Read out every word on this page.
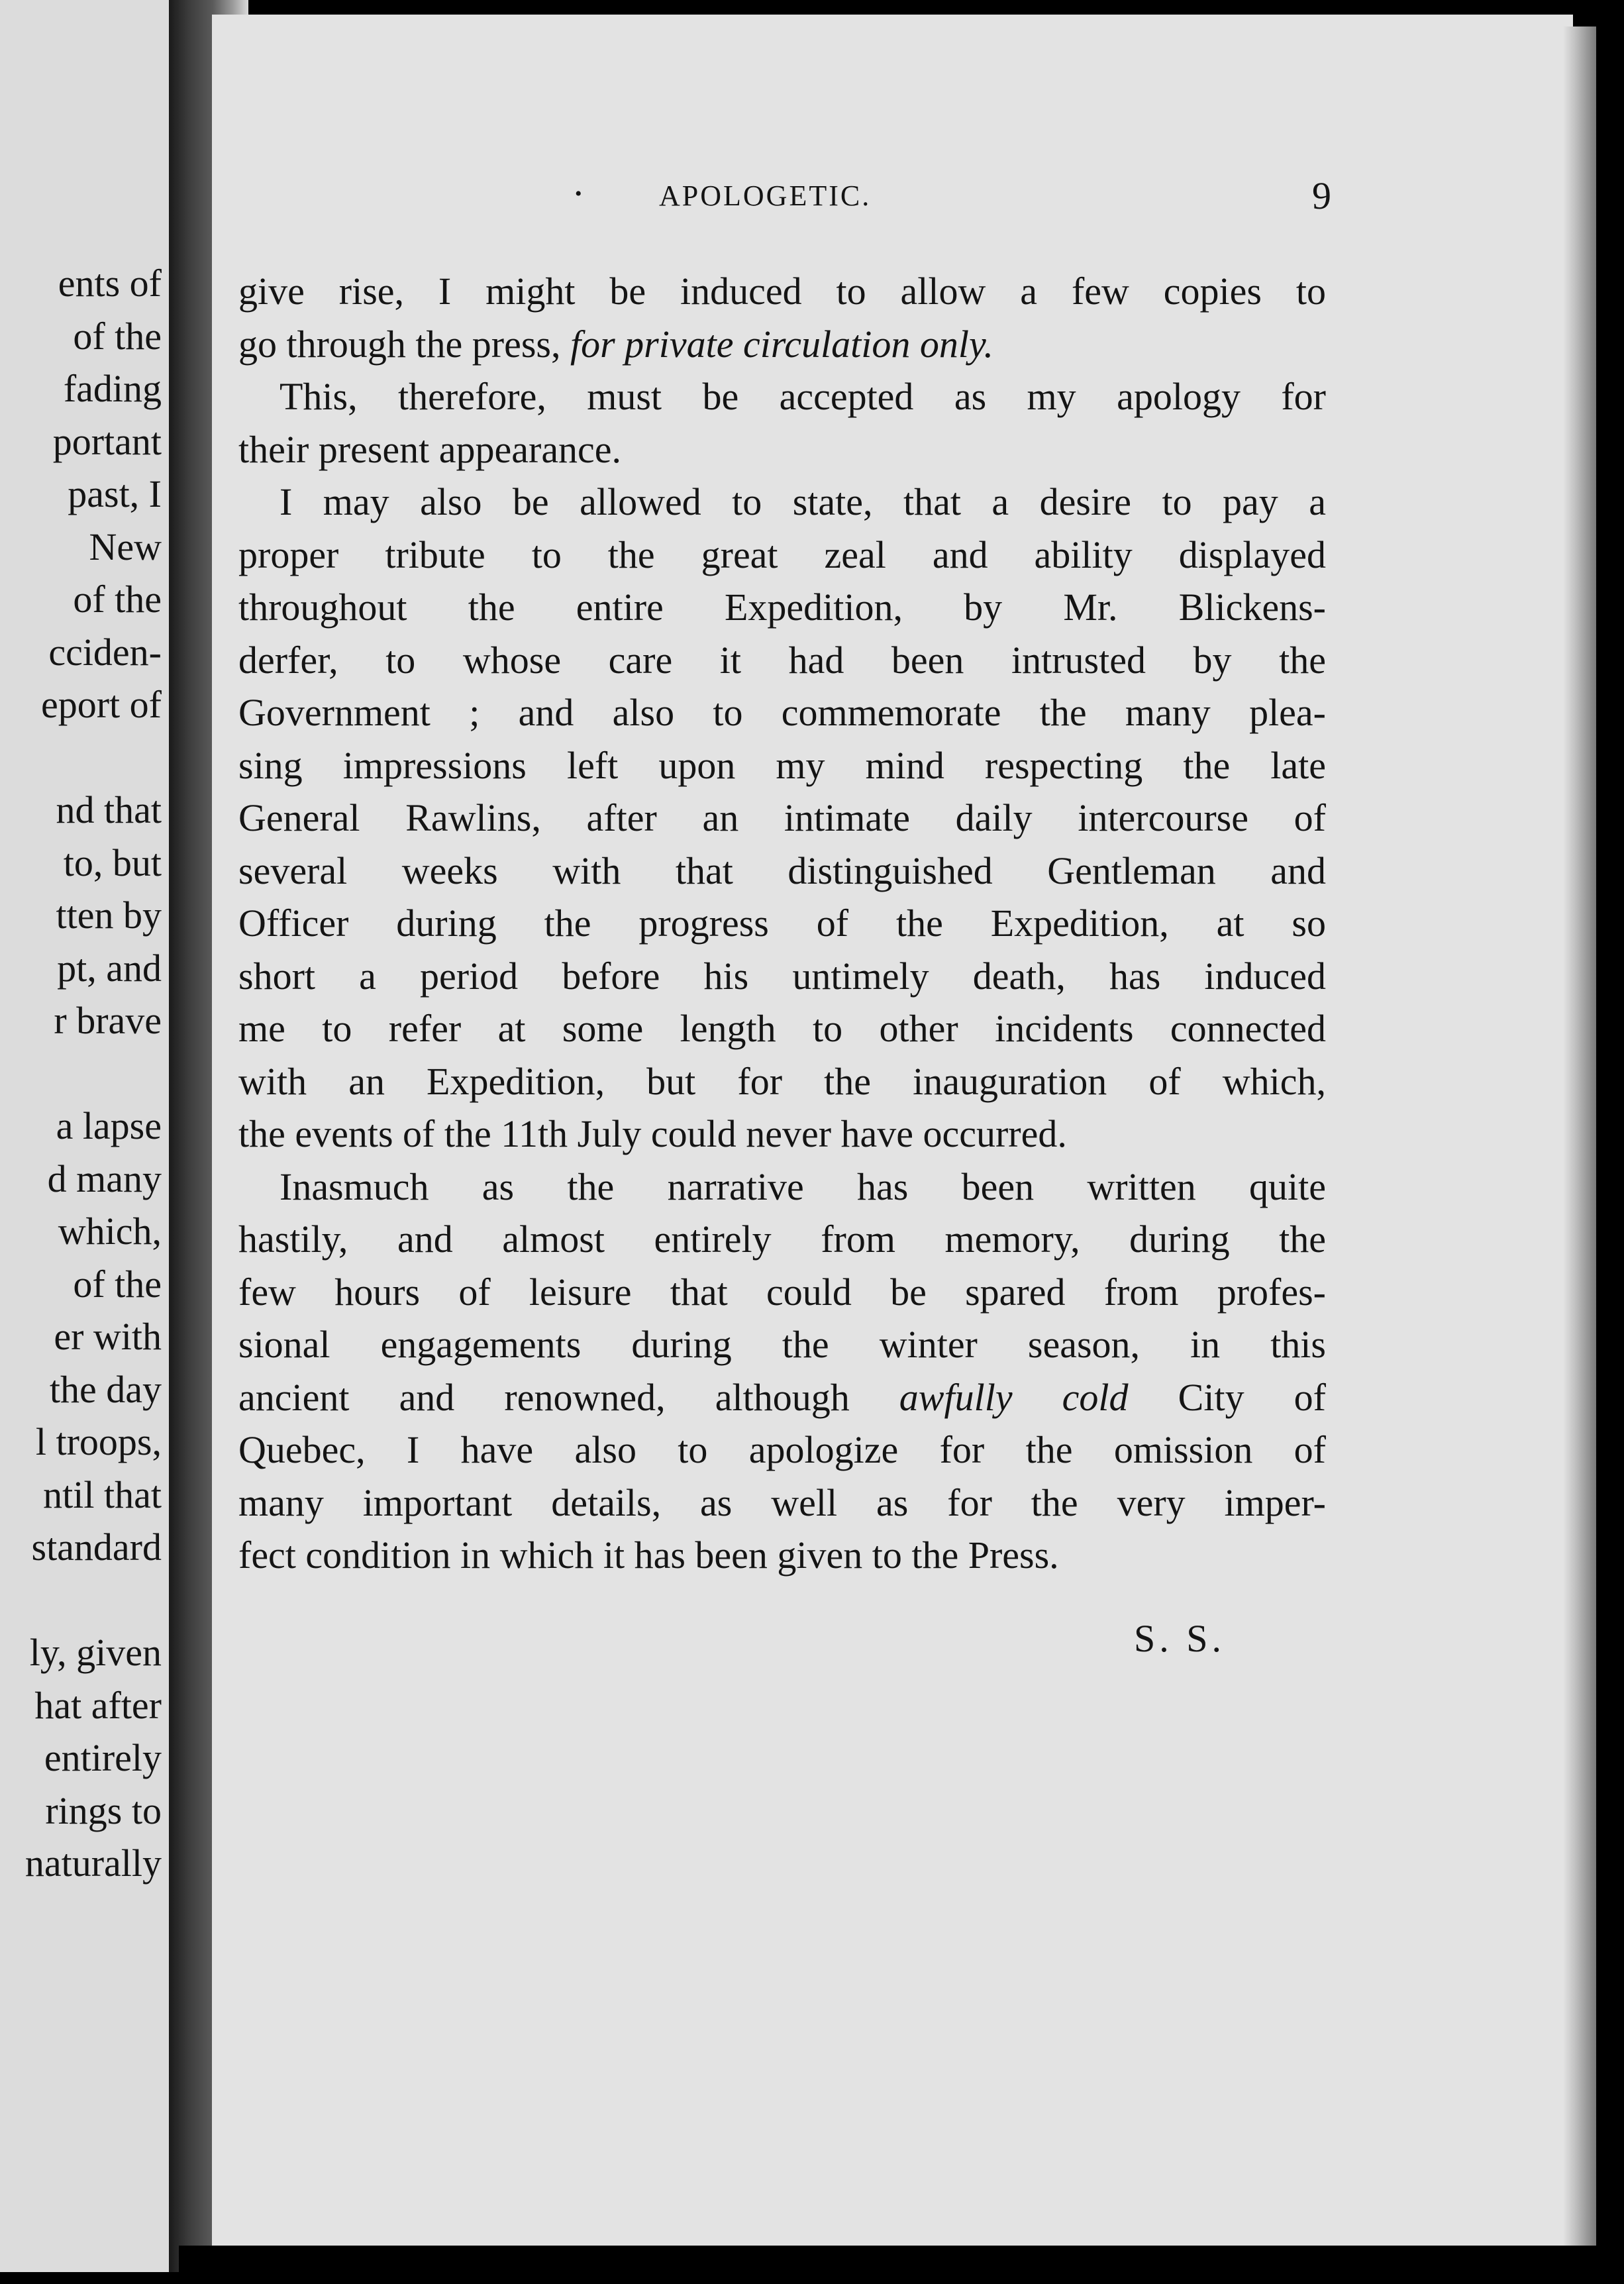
ents of
of the
fading
portant
past, I
New
of the
cciden-
eport of
nd that
to, but
tten by
pt, and
r brave
a lapse
d many
which,
of the
er with
the day
l troops,
ntil that
standard
ly, given
hat after
entirely
rings to
naturally
•	APOLOGETIC.	9
give rise, I might be induced to allow a few copies to
go through the press, for private circulation only.
This, therefore, must be accepted as my apology for
their present appearance.
I may also be allowed to state, that a desire to pay a
proper tribute to the great zeal and ability displayed
throughout the entire Expedition, by Mr. Blickens-
derfer, to whose care it had been intrusted by the
Government ; and also to commemorate the many plea-
sing impressions left upon my mind respecting the late
General Rawlins, after an intimate daily intercourse of
several weeks with that distinguished Gentleman and
Officer during the progress of the Expedition, at so
short a period before his untimely death, has induced
me to refer at some length to other incidents connected
with an Expedition, but for the inauguration of which,
the events of the 11th July could never have occurred.
Inasmuch as the narrative has been written quite
hastily, and almost entirely from memory, during the
few hours of leisure that could be spared from profes-
sional engagements during the winter season, in this
ancient and renowned, although awfully cold City of
Quebec, I have also to apologize for the omission of
many important details, as well as for the very imper-
fect condition in which it has been given to the Press.
S. S.
